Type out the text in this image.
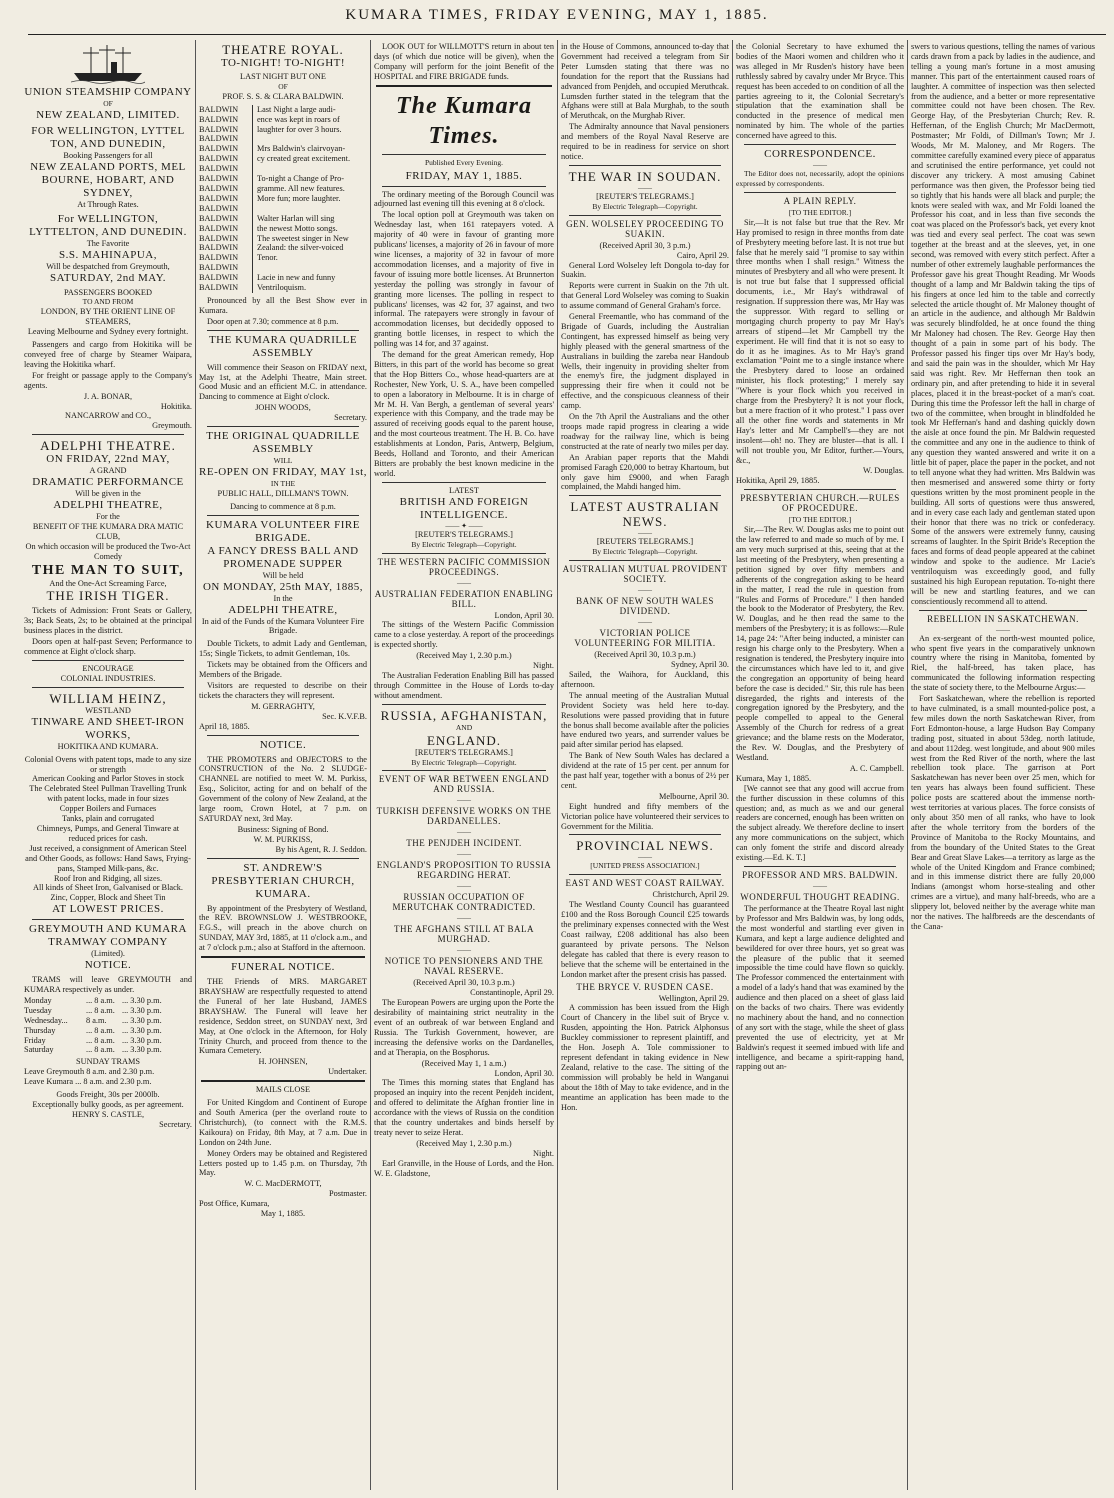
KUMARA TIMES, FRIDAY EVENING, MAY 1, 1885.
UNION STEAMSHIP COMPANY
OF
NEW ZEALAND, LIMITED.
FOR WELLINGTON, LYTTEL TON, AND DUNEDIN,
Booking Passengers for all
NEW ZEALAND PORTS, MEL BOURNE, HOBART, AND SYDNEY,
At Through Rates.
For WELLINGTON, LYTTELTON, AND DUNEDIN.
The Favorite
S.S. MAHINAPUA,
Will be despatched from Greymouth,
SATURDAY, 2nd MAY.
PASSENGERS BOOKED
TO AND FROM
LONDON, BY THE ORIENT LINE OF STEAMERS,
Leaving Melbourne and Sydney every fortnight.

Passengers and cargo from Hokitika will be conveyed free of charge by Steamer Waipara, leaving the Hokitika wharf.

For freight or passage apply to the Company's agents.

J. A. BONAR,
Hokitika.
NANCARROW and CO.,
Greymouth.
ADELPHI THEATRE.
ON FRIDAY, 22nd MAY,
A GRAND
DRAMATIC PERFORMANCE
Will be given in the
ADELPHI THEATRE,
For the
BENEFIT OF THE KUMARA DRA MATIC CLUB,
On which occasion will be produced the Two-Act Comedy
THE MAN TO SUIT,
And the One-Act Screaming Farce,
THE IRISH TIGER.

Tickets of Admission: Front Seats or Gallery, 3s; Back Seats, 2s; to be obtained at the principal business places in the district.

Doors open at half-past Seven; Performance to commence at Eight o'clock sharp.

ENCOURAGE
COLONIAL INDUSTRIES.
WILLIAM HEINZ,
WESTLAND
TINWARE AND SHEET-IRON WORKS,
HOKITIKA AND KUMARA.
Colonial Ovens with patent tops, made to any size or strength
American Cooking and Parlor Stoves in stock
The Celebrated Steel Pullman Travelling Trunk with patent locks, made in four sizes
Copper Boilers and Furnaces
Tanks, plain and corrugated
Chimneys, Pumps, and General Tinware at reduced prices for cash.
Just received, a consignment of American Steel and Other Goods, as follows: Hand Saws, Frying-pans, Stamped Milk-pans, &c.
Roof Iron and Ridging, all sizes.
All kinds of Sheet Iron, Galvanised or Black.
Zinc, Copper, Block and Sheet Tin
AT LOWEST PRICES.
GREYMOUTH AND KUMARA TRAMWAY COMPANY
(Limited).
NOTICE.

TRAMS will leave GREYMOUTH and KUMARA respectively as under.

Monday	... 8 a.m. ... 3.30 p.m.
Tuesday	... 8 a.m. ... 3.30 p.m.
Wednesday...	8 a.m.	... 3.30 p.m.
Thursday	... 8 a.m. ... 3.30 p.m.
Friday	... 8 a.m. ... 3.30 p.m.
Saturday	... 8 a.m. ... 3.30 p.m.
SUNDAY TRAMS
Leave Greymouth 8 a.m. and 2.30 p.m.
Leave Kumara ... 8 a.m. and 2.30 p.m.
Goods Freight, 30s per 2000lb.
Exceptionally bulky goods, as per agreement.
HENRY S. CASTLE,
Secretary.
THEATRE ROYAL.
TO-NIGHT! TO-NIGHT!
LAST NIGHT BUT ONE
OF
PROF. S. S. & CLARA BALDWIN.
BALDWIN	Last Night a large audi-
BALDWIN	ence was kept in roars of
BALDWIN	laughter for over 3 hours.
BALDWIN
BALDWIN	Mrs Baldwin's clairvoyan-
BALDWIN	cy created great excitement.
BALDWIN
BALDWIN	To-night a Change of Pro-
BALDWIN	gramme. All new features.
BALDWIN	More fun; more laughter.
BALDWIN
BALDWIN	Walter Harlan will sing
BALDWIN	the newest Motto songs.
BALDWIN	The sweetest singer in New
BALDWIN	Zealand: the silver-voiced
BALDWIN	Tenor.
BALDWIN
BALDWIN	Lacie in new and funny
BALDWIN	Ventriloquism.

Pronounced by all the Best Show ever in Kumara.

Door open at 7.30; commence at 8 p.m.

THE KUMARA QUADRILLE ASSEMBLY

Will commence their Season on FRIDAY next, May 1st, at the Adelphi Theatre, Main street. Good Music and an efficient M.C. in attendance. Dancing to commence at Eight o'clock.

JOHN WOODS,
Secretary.
THE ORIGINAL QUADRILLE ASSEMBLY
WILL
RE-OPEN ON FRIDAY, MAY 1st,
IN THE
PUBLIC HALL, DILLMAN'S TOWN.
Dancing to commence at 8 p.m.
KUMARA VOLUNTEER FIRE BRIGADE.
A FANCY DRESS BALL AND PROMENADE SUPPER
Will be held
ON MONDAY, 25th MAY, 1885,
In the
ADELPHI THEATRE,
In aid of the Funds of the Kumara Volunteer Fire Brigade.

Double Tickets, to admit Lady and Gentleman, 15s; Single Tickets, to admit Gentleman, 10s.

Tickets may be obtained from the Officers and Members of the Brigade.

Visitors are requested to describe on their tickets the characters they will represent.

M. GERRAGHTY,
Sec. K.V.F.B.
April 18, 1885.
NOTICE.

THE PROMOTERS and OBJECTORS to the CONSTRUCTION of the No. 2 SLUDGE-CHANNEL are notified to meet W. M. Purkiss, Esq., Solicitor, acting for and on behalf of the Government of the colony of New Zealand, at the large room, Crown Hotel, at 7 p.m. on SATURDAY next, 3rd May.

Business: Signing of Bond.
W. M. PURKISS,
By his Agent, R. J. Seddon.
ST. ANDREW'S PRESBYTERIAN CHURCH, KUMARA.

By appointment of the Presbytery of Westland, the REV. BROWNSLOW J. WESTBROOKE, F.G.S., will preach in the above church on SUNDAY, MAY 3rd, 1885, at 11 o'clock a.m., and at 7 o'clock p.m.; also at Stafford in the afternoon.

FUNERAL NOTICE.

THE Friends of MRS. MARGARET BRAYSHAW are respectfully requested to attend the Funeral of her late Husband, JAMES BRAYSHAW. The Funeral will leave her residence, Seddon street, on SUNDAY next, 3rd May, at One o'clock in the Afternoon, for Holy Trinity Church, and proceed from thence to the Kumara Cemetery.

H. JOHNSEN,
Undertaker.
MAILS CLOSE

For United Kingdom and Continent of Europe and South America (per the overland route to Christchurch), (to connect with the R.M.S. Kaikoura) on Friday, 8th May, at 7 a.m. Due in London on 24th June.

Money Orders may be obtained and Registered Letters posted up to 1.45 p.m. on Thursday, 7th May.

W. C. MacDERMOTT,
Postmaster.
Post Office, Kumara,
May 1, 1885.

LOOK OUT for WILLMOTT'S return in about ten days (of which due notice will be given), when the Company will perform for the joint Benefit of the HOSPITAL and FIRE BRIGADE funds.

The Kumara Times.
Published Every Evening.
FRIDAY, MAY 1, 1885.

The ordinary meeting of the Borough Council was adjourned last evening till this evening at 8 o'clock.

The local option poll at Greymouth was taken on Wednesday last, when 161 ratepayers voted. A majority of 40 were in favour of granting more publicans' licenses, a majority of 26 in favour of more wine licenses, a majority of 32 in favour of more accommodation licenses, and a majority of five in favour of issuing more bottle licenses. At Brunnerton yesterday the polling was strongly in favour of granting more licenses. The polling in respect to publicans' licenses, was 42 for, 37 against, and two informal. The ratepayers were strongly in favour of accommodation licenses, but decidedly opposed to granting bottle licenses, in respect to which the polling was 14 for, and 37 against.

The demand for the great American remedy, Hop Bitters, in this part of the world has become so great that the Hop Bitters Co., whose head-quarters are at Rochester, New York, U. S. A., have been compelled to open a laboratory in Melbourne. It is in charge of Mr M. H. Van Bergh, a gentleman of several years' experience with this Company, and the trade may be assured of receiving goods equal to the parent house, and the most courteous treatment. The H. B. Co. have establishments at London, Paris, Antwerp, Belgium, Beeds, Holland and Toronto, and their American Bitters are probably the best known medicine in the world.

LATEST
BRITISH AND FOREIGN
INTELLIGENCE.
—— ✦ ——
[REUTER'S TELEGRAMS.]
By Electric Telegraph—Copyright.
THE WESTERN PACIFIC COMMISSION PROCEEDINGS.
——
AUSTRALIAN FEDERATION ENABLING BILL.
London, April 30.

The sittings of the Western Pacific Commission came to a close yesterday. A report of the proceedings is expected shortly.

(Received May 1, 2.30 p.m.)
Night.

The Australian Federation Enabling Bill has passed through Committee in the House of Lords to-day without amendment.

RUSSIA, AFGHANISTAN,
AND
ENGLAND.
[REUTER'S TELEGRAMS.]
By Electric Telegraph—Copyright.
EVENT OF WAR BETWEEN ENGLAND AND RUSSIA.
——
TURKISH DEFENSIVE WORKS ON THE DARDANELLES.
——
THE PENJDEH INCIDENT.
——
ENGLAND'S PROPOSITION TO RUSSIA REGARDING HERAT.
——
RUSSIAN OCCUPATION OF MERUTCHAK CONTRADICTED.
——
THE AFGHANS STILL AT BALA MURGHAD.
——
NOTICE TO PENSIONERS AND THE NAVAL RESERVE.
(Received April 30, 10.3 p.m.)
Constantinople, April 29.

The European Powers are urging upon the Porte the desirability of maintaining strict neutrality in the event of an outbreak of war between England and Russia. The Turkish Government, however, are increasing the defensive works on the Dardanelles, and at Therapia, on the Bosphorus.

(Received May 1, 1 a.m.)
London, April 30.

The Times this morning states that England has proposed an inquiry into the recent Penjdeh incident, and offered to delimitate the Afghan frontier line in accordance with the views of Russia on the condition that the country undertakes and binds herself by treaty never to seize Herat.

(Received May 1, 2.30 p.m.)
Night.

Earl Granville, in the House of Lords, and the Hon. W. E. Gladstone,

in the House of Commons, announced to-day that Government had received a telegram from Sir Peter Lumsden stating that there was no foundation for the report that the Russians had advanced from Penjdeh, and occupied Meruthcak. Lumsden further stated in the telegram that the Afghans were still at Bala Murghab, to the south of Meruthcak, on the Murghab River.

The Admiralty announce that Naval pensioners and members of the Royal Naval Reserve are required to be in readiness for service on short notice.

THE WAR IN SOUDAN.
——
[REUTER'S TELEGRAMS.]
By Electric Telegraph—Copyright.
GEN. WOLSELEY PROCEEDING TO SUAKIN.
(Received April 30, 3 p.m.)
Cairo, April 29.

General Lord Wolseley left Dongola to-day for Suakin.

Reports were current in Suakin on the 7th ult. that General Lord Wolseley was coming to Suakin to assume command of General Graham's force.

General Freemantle, who has command of the Brigade of Guards, including the Australian Contingent, has expressed himself as being very highly pleased with the general smartness of the Australians in building the zareba near Handoub Wells, their ingenuity in providing shelter from the enemy's fire, the judgment displayed in suppressing their fire when it could not be effective, and the conspicuous cleanness of their camp.

On the 7th April the Australians and the other troops made rapid progress in clearing a wide roadway for the railway line, which is being constructed at the rate of nearly two miles per day.

An Arabian paper reports that the Mahdi promised Faragh £20,000 to betray Khartoum, but only gave him £9000, and when Faragh complained, the Mahdi hanged him.

LATEST AUSTRALIAN
NEWS.
——
[REUTERS TELEGRAMS.]
By Electric Telegraph—Copyright.
AUSTRALIAN MUTUAL PROVIDENT SOCIETY.
——
BANK OF NEW SOUTH WALES DIVIDEND.
——
VICTORIAN POLICE VOLUNTEERING FOR MILITIA.
(Received April 30, 10.3 p.m.)
Sydney, April 30.

Sailed, the Waihora, for Auckland, this afternoon.

The annual meeting of the Australian Mutual Provident Society was held here to-day. Resolutions were passed providing that in future the bonus shall become available after the policies have endured two years, and surrender values be paid after similar period has elapsed.

The Bank of New South Wales has declared a dividend at the rate of 15 per cent. per annum for the past half year, together with a bonus of 2½ per cent.

Melbourne, April 30.

Eight hundred and fifty members of the Victorian police have volunteered their services to Government for the Militia.

PROVINCIAL NEWS.
——
[UNITED PRESS ASSOCIATION.]
EAST AND WEST COAST RAILWAY.
Christchurch, April 29.

The Westland County Council has guaranteed £100 and the Ross Borough Council £25 towards the preliminary expenses connected with the West Coast railway, £208 additional has also been guaranteed by private persons. The Nelson delegate has cabled that there is every reason to believe that the scheme will be entertained in the London market after the present crisis has passed.

THE BRYCE V. RUSDEN CASE.
Wellington, April 29.

A commission has been issued from the High Court of Chancery in the libel suit of Bryce v. Rusden, appointing the Hon. Patrick Alphonsus Buckley commissioner to represent plaintiff, and the Hon. Joseph A. Tole commissioner to represent defendant in taking evidence in New Zealand, relative to the case. The sitting of the commission will probably be held in Wanganui about the 18th of May to take evidence, and in the meantime an application has been made to the Hon.

the Colonial Secretary to have exhumed the bodies of the Maori women and children who it was alleged in Mr Rusden's history have been ruthlessly sabred by cavalry under Mr Bryce. This request has been acceded to on condition of all the parties agreeing to it, the Colonial Secretary's stipulation that the examination shall be conducted in the presence of medical men nominated by him. The whole of the parties concerned have agreed to this.

CORRESPONDENCE.
——

The Editor does not, necessarily, adopt the opinions expressed by correspondents.

A PLAIN REPLY.
[TO THE EDITOR.]

Sir,—It is not false but true that the Rev. Mr Hay promised to resign in three months from date of Presbytery meeting before last. It is not true but false that he merely said "I promise to say within three months when I shall resign." Witness the minutes of Presbytery and all who were present. It is not true but false that I suppressed official documents, i.e., Mr Hay's withdrawal of resignation. If suppression there was, Mr Hay was the suppressor. With regard to selling or mortgaging church property to pay Mr Hay's arrears of stipend—let Mr Campbell try the experiment. He will find that it is not so easy to do it as he imagines. As to Mr Hay's grand exclamation "Point me to a single instance where the Presbytery dared to loose an ordained minister, his flock protesting;" I merely say "Where is your flock which you received in charge from the Presbytery? It is not your flock, but a mere fraction of it who protest." I pass over all the other fine words and statements in Mr Hay's letter and Mr Campbell's—they are not insolent—oh! no. They are bluster—that is all. I will not trouble you, Mr Editor, further.—Yours, &c.,

W. Douglas.
Hokitika, April 29, 1885.
PRESBYTERIAN CHURCH.—RULES OF PROCEDURE.
[TO THE EDITOR.]

Sir,—The Rev. W. Douglas asks me to point out the law referred to and made so much of by me. I am very much surprised at this, seeing that at the last meeting of the Presbytery, when presenting a petition signed by over fifty members and adherents of the congregation asking to be heard in the matter, I read the rule in question from "Rules and Forms of Procedure." I then handed the book to the Moderator of Presbytery, the Rev. W. Douglas, and he then read the same to the members of the Presbytery; it is as follows:—Rule 14, page 24: "After being inducted, a minister can resign his charge only to the Presbytery. When a resignation is tendered, the Presbytery inquire into the circumstances which have led to it, and give the congregation an opportunity of being heard before the case is decided." Sir, this rule has been disregarded, the rights and interests of the congregation ignored by the Presbytery, and the people compelled to appeal to the General Assembly of the Church for redress of a great grievance; and the blame rests on the Moderator, the Rev. W. Douglas, and the Presbytery of Westland.

A. C. Campbell.
Kumara, May 1, 1885.

[We cannot see that any good will accrue from the further discussion in these columns of this question; and, as much as we and our general readers are concerned, enough has been written on the subject already. We therefore decline to insert any more communications on the subject, which can only foment the strife and discord already existing.—Ed. K. T.]

PROFESSOR AND MRS. BALDWIN.
——
WONDERFUL THOUGHT READING.

The performance at the Theatre Royal last night by Professor and Mrs Baldwin was, by long odds, the most wonderful and startling ever given in Kumara, and kept a large audience delighted and bewildered for over three hours, yet so great was the pleasure of the public that it seemed impossible the time could have flown so quickly. The Professor commenced the entertainment with a model of a lady's hand that was examined by the audience and then placed on a sheet of glass laid on the backs of two chairs. There was evidently no machinery about the hand, and no connection of any sort with the stage, while the sheet of glass prevented the use of electricity, yet at Mr Baldwin's request it seemed imbued with life and intelligence, and became a spirit-rapping hand, rapping out an-

swers to various questions, telling the names of various cards drawn from a pack by ladies in the audience, and telling a young man's fortune in a most amusing manner. This part of the entertainment caused roars of laughter. A committee of inspection was then selected from the audience, and a better or more representative committee could not have been chosen. The Rev. George Hay, of the Presbyterian Church; Rev. R. Heffernan, of the English Church; Mr MacDermott, Postmaster; Mr Foldi, of Dillman's Town; Mr J. Woods, Mr M. Maloney, and Mr Rogers. The committee carefully examined every piece of apparatus and scrutinised the entire performance, yet could not discover any trickery. A most amusing Cabinet performance was then given, the Professor being tied so tightly that his hands were all black and purple; the knots were sealed with wax, and Mr Foldi loaned the Professor his coat, and in less than five seconds the coat was placed on the Professor's back, yet every knot was tied and every seal perfect. The coat was sewn together at the breast and at the sleeves, yet, in one second, was removed with every stitch perfect. After a number of other extremely laughable performances the Professor gave his great Thought Reading. Mr Woods thought of a lamp and Mr Baldwin taking the tips of his fingers at once led him to the table and correctly selected the article thought of. Mr Maloney thought of an article in the audience, and although Mr Baldwin was securely blindfolded, he at once found the thing Mr Maloney had chosen. The Rev. George Hay then thought of a pain in some part of his body. The Professor passed his finger tips over Mr Hay's body, and said the pain was in the shoulder, which Mr Hay said was right. Rev. Mr Heffernan then took an ordinary pin, and after pretending to hide it in several places, placed it in the breast-pocket of a man's coat. During this time the Professor left the hall in charge of two of the committee, when brought in blindfolded he took Mr Heffernan's hand and dashing quickly down the aisle at once found the pin. Mr Baldwin requested the committee and any one in the audience to think of any question they wanted answered and write it on a little bit of paper, place the paper in the pocket, and not to tell anyone what they had written. Mrs Baldwin was then mesmerised and answered some thirty or forty questions written by the most prominent people in the building. All sorts of questions were thus answered, and in every case each lady and gentleman stated upon their honor that there was no trick or confederacy. Some of the answers were extremely funny, causing screams of laughter. In the Spirit Bride's Reception the faces and forms of dead people appeared at the cabinet window and spoke to the audience. Mr Lacie's ventriloquism was exceedingly good, and fully sustained his high European reputation. To-night there will be new and startling features, and we can conscientiously recommend all to attend.

REBELLION IN SASKATCHEWAN.
——

An ex-sergeant of the north-west mounted police, who spent five years in the comparatively unknown country where the rising in Manitoba, fomented by Riel, the half-breed, has taken place, has communicated the following information respecting the state of society there, to the Melbourne Argus:—

Fort Saskatchewan, where the rebellion is reported to have culminated, is a small mounted-police post, a few miles down the north Saskatchewan River, from Fort Edmonton-house, a large Hudson Bay Company trading post, situated in about 53deg. north latitude, and about 112deg. west longitude, and about 900 miles west from the Red River of the north, where the last rebellion took place. The garrison at Port Saskatchewan has never been over 25 men, which for ten years has always been found sufficient. These police posts are scattered about the immense north-west territories at various places. The force consists of only about 350 men of all ranks, who have to look after the whole territory from the borders of the Province of Manitoba to the Rocky Mountains, and from the boundary of the United States to the Great Bear and Great Slave Lakes—a territory as large as the whole of the United Kingdom and France combined; and in this immense district there are fully 20,000 Indians (amongst whom horse-stealing and other crimes are a virtue), and many half-breeds, who are a slippery lot, beloved neither by the average white man nor the natives. The halfbreeds are the descendants of the Cana-
